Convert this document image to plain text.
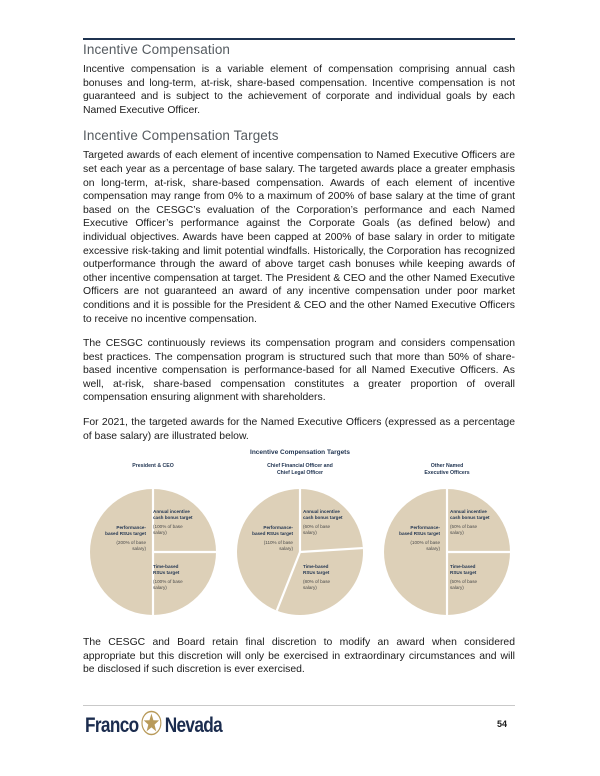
Incentive Compensation

Incentive compensation is a variable element of compensation comprising annual cash bonuses and long-term, at-risk, share-based compensation. Incentive compensation is not guaranteed and is subject to the achievement of corporate and individual goals by each Named Executive Officer.

Incentive Compensation Targets

Targeted awards of each element of incentive compensation to Named Executive Officers are set each year as a percentage of base salary. The targeted awards place a greater emphasis on long-term, at-risk, share-based compensation. Awards of each element of incentive compensation may range from 0% to a maximum of 200% of base salary at the time of grant based on the CESGC’s evaluation of the Corporation’s performance and each Named Executive Officer’s performance against the Corporate Goals (as defined below) and individual objectives. Awards have been capped at 200% of base salary in order to mitigate excessive risk-taking and limit potential windfalls. Historically, the Corporation has recognized outperformance through the award of above target cash bonuses while keeping awards of other incentive compensation at target. The President & CEO and the other Named Executive Officers are not guaranteed an award of any incentive compensation under poor market conditions and it is possible for the President & CEO and the other Named Executive Officers to receive no incentive compensation.

The CESGC continuously reviews its compensation program and considers compensation best practices. The compensation program is structured such that more than 50% of share-based incentive compensation is performance-based for all Named Executive Officers. As well, at-risk, share-based compensation constitutes a greater proportion of overall compensation ensuring alignment with shareholders.

For 2021, the targeted awards for the Named Executive Officers (expressed as a percentage of base salary) are illustrated below.

Incentive Compensation Targets
President & CEO
Annual incentive
cash bonus target
(100% of base salary)
Performance-
based RSUs target
(200% of base salary)
Time-based
RSUs target
(100% of base salary)
Chief Financial Officer and
Chief Legal Officer
Annual incentive
cash bonus target
(60% of base salary)
Performance-
based RSUs target
(110% of base salary)
Time-based
RSUs target
(80% of base salary)
Other Named
Executive Officers
Annual incentive
cash bonus target
(50% of base salary)
Performance-
based RSUs target
(100% of base salary)
Time-based
RSUs target
(50% of base salary)

The CESGC and Board retain final discretion to modify an award when considered appropriate but this discretion will only be exercised in extraordinary circumstances and will be disclosed if such discretion is ever exercised.

Franco Nevada	54
